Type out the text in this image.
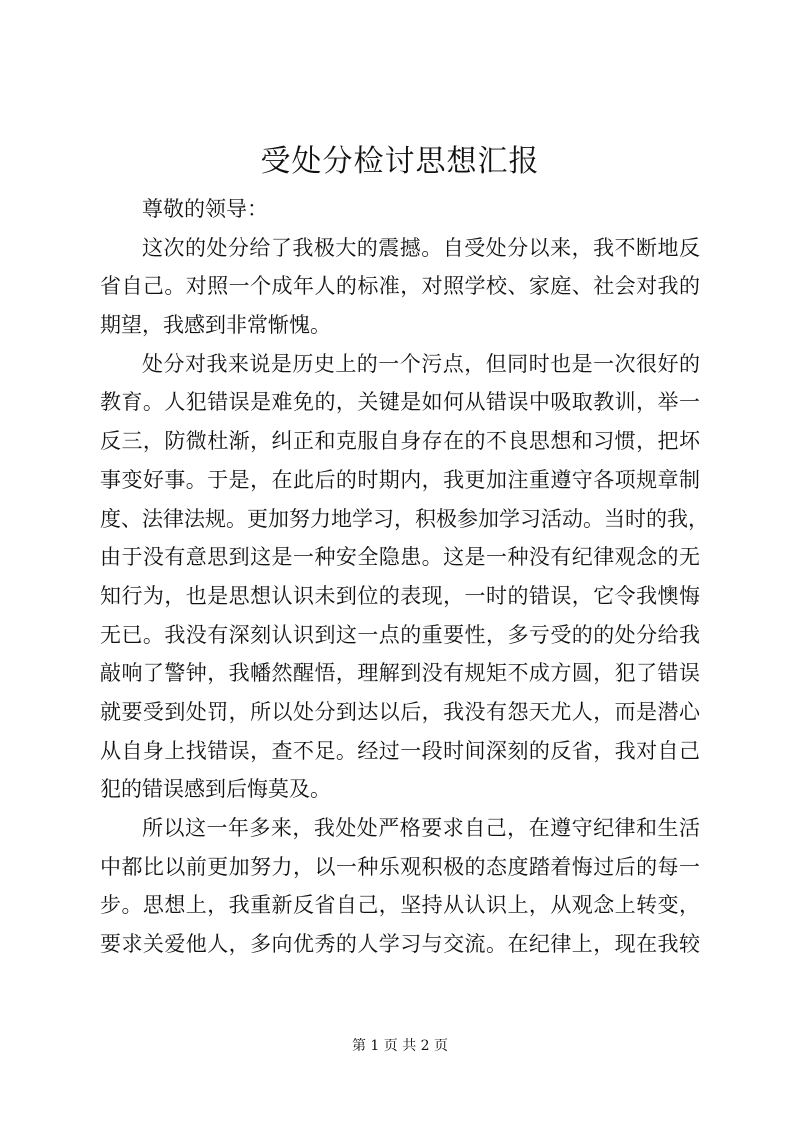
受处分检讨思想汇报
尊敬的领导：
这次的处分给了我极大的震撼。自受处分以来，我不断地反
省自己。对照一个成年人的标准，对照学校、家庭、社会对我的
期望，我感到非常惭愧。
处分对我来说是历史上的一个污点，但同时也是一次很好的
教育。人犯错误是难免的，关键是如何从错误中吸取教训，举一
反三，防微杜渐，纠正和克服自身存在的不良思想和习惯，把坏
事变好事。于是，在此后的时期内，我更加注重遵守各项规章制
度、法律法规。更加努力地学习，积极参加学习活动。当时的我，
由于没有意思到这是一种安全隐患。这是一种没有纪律观念的无
知行为，也是思想认识未到位的表现，一时的错误，它令我懊悔
无已。我没有深刻认识到这一点的重要性，多亏受的的处分给我
敲响了警钟，我幡然醒悟，理解到没有规矩不成方圆，犯了错误
就要受到处罚，所以处分到达以后，我没有怨天尤人，而是潜心
从自身上找错误，查不足。经过一段时间深刻的反省，我对自己
犯的错误感到后悔莫及。
所以这一年多来，我处处严格要求自己，在遵守纪律和生活
中都比以前更加努力，以一种乐观积极的态度踏着悔过后的每一
步。思想上，我重新反省自己，坚持从认识上，从观念上转变，
要求关爱他人，多向优秀的人学习与交流。在纪律上，现在我较
第 1 页 共 2 页
